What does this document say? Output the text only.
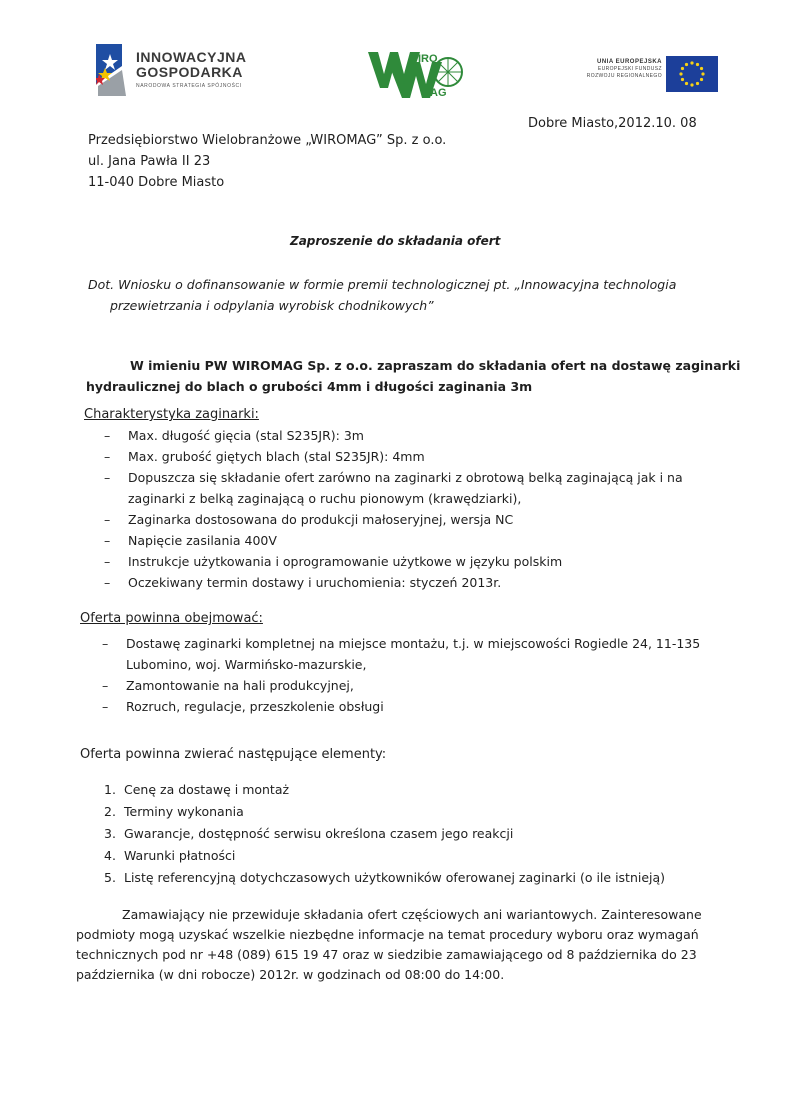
INNOWACYJNA
GOSPODARKA
NARODOWA STRATEGIA SPÓJNOŚCI
IRO
AG
UNIA EUROPEJSKA
EUROPEJSKI FUNDUSZ
ROZWOJU REGIONALNEGO
Dobre Miasto,2012.10. 08
Przedsiębiorstwo Wielobranżowe „WIROMAG” Sp. z o.o.
ul. Jana Pawła II 23
11-040 Dobre Miasto
Zaproszenie do składania ofert
Dot. Wniosku o dofinansowanie w formie premii technologicznej pt. „Innowacyjna technologia
przewietrzania i odpylania wyrobisk chodnikowych”
W imieniu PW WIROMAG Sp. z o.o. zapraszam do składania ofert na dostawę zaginarki
hydraulicznej do blach o grubości 4mm i długości zaginania 3m
Charakterystyka zaginarki:
– Max. długość gięcia (stal S235JR): 3m
– Max. grubość giętych blach (stal S235JR): 4mm
– Dopuszcza się składanie ofert zarówno na zaginarki z obrotową belką zaginającą jak i na
zaginarki z belką zaginającą o ruchu pionowym (krawędziarki),
– Zaginarka dostosowana do produkcji małoseryjnej, wersja NC
– Napięcie zasilania 400V
– Instrukcje użytkowania i oprogramowanie użytkowe w języku polskim
– Oczekiwany termin dostawy i uruchomienia: styczeń 2013r.
Oferta powinna obejmować:
– Dostawę zaginarki kompletnej na miejsce montażu, t.j. w miejscowości Rogiedle 24, 11-135
Lubomino, woj. Warmińsko-mazurskie,
– Zamontowanie na hali produkcyjnej,
– Rozruch, regulacje, przeszkolenie obsługi
Oferta powinna zwierać następujące elementy:
1. Cenę za dostawę i montaż
2. Terminy wykonania
3. Gwarancje, dostępność serwisu określona czasem jego reakcji
4. Warunki płatności
5. Listę referencyjną dotychczasowych użytkowników oferowanej zaginarki (o ile istnieją)
Zamawiający nie przewiduje składania ofert częściowych ani wariantowych. Zainteresowane
podmioty mogą uzyskać wszelkie niezbędne informacje na temat procedury wyboru oraz wymagań
technicznych pod nr +48 (089) 615 19 47 oraz w siedzibie zamawiającego od 8 października do 23
października (w dni robocze) 2012r. w godzinach od 08:00 do 14:00.
